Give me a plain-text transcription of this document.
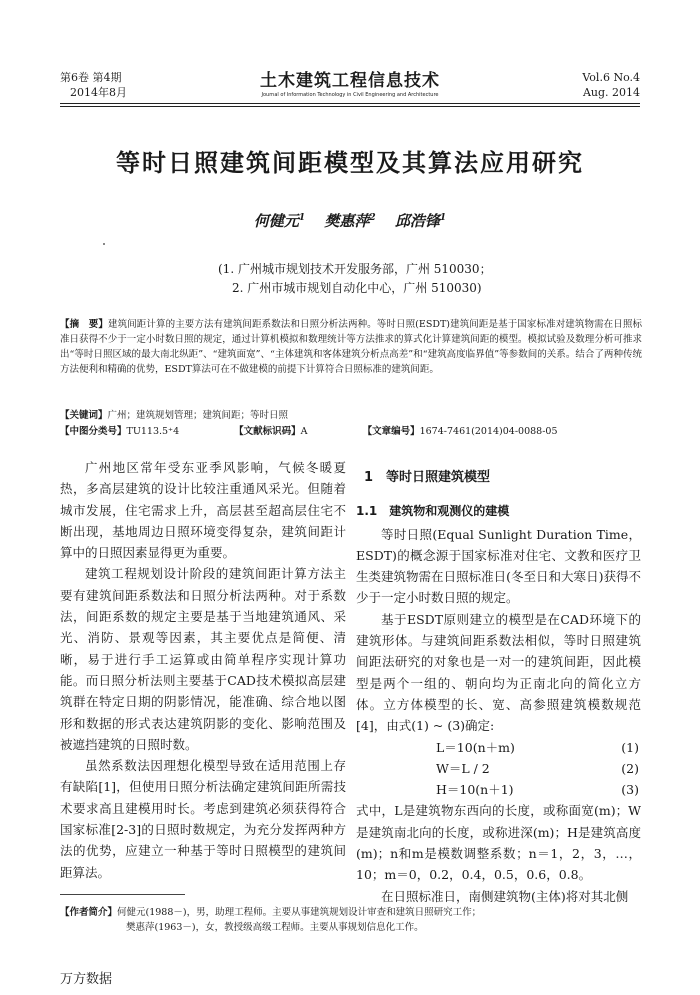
第6卷 第4期
2014年8月
土木建筑工程信息技术
Journal of Information Technology in Civil Engineering and Architecture
Vol.6 No.4
Aug. 2014
等时日照建筑间距模型及其算法应用研究
何健元$^1$ 樊惠萍$^2$ 邱浩锋$^1$
(1. 广州城市规划技术开发服务部，广州 510030；
2. 广州市城市规划自动化中心，广州 510030)
【摘　要】建筑间距计算的主要方法有建筑间距系数法和日照分析法两种。等时日照(ESDT)建筑间距是基于国家标准对建筑物需在日照标准日获得不少于一定小时数日照的规定，通过计算机模拟和数理统计等方法推求的算式化计算建筑间距的模型。模拟试验及数理分析可推求出“等时日照区域的最大南北纵距”、“建筑面宽”、“主体建筑和客体建筑分析点高差”和“建筑高度临界值”等参数间的关系。结合了两种传统方法便利和精确的优势，ESDT算法可在不做建模的前提下计算符合日照标准的建筑间距。
【关键词】广州；建筑规划管理；建筑间距；等时日照
【中图分类号】TU113.5⁺4	【文献标识码】A	【文章编号】1674-7461(2014)04-0088-05

广州地区常年受东亚季风影响，气候冬暖夏热，多高层建筑的设计比较注重通风采光。但随着城市发展，住宅需求上升，高层甚至超高层住宅不断出现，基地周边日照环境变得复杂，建筑间距计算中的日照因素显得更为重要。

建筑工程规划设计阶段的建筑间距计算方法主要有建筑间距系数法和日照分析法两种。对于系数法，间距系数的规定主要是基于当地建筑通风、采光、消防、景观等因素，其主要优点是简便、清晰，易于进行手工运算或由简单程序实现计算功能。而日照分析法则主要基于CAD技术模拟高层建筑群在特定日期的阴影情况，能准确、综合地以图形和数据的形式表达建筑阴影的变化、影响范围及被遮挡建筑的日照时数。

虽然系数法因理想化模型导致在适用范围上存有缺陷[1]，但使用日照分析法确定建筑间距所需技术要求高且建模用时长。考虑到建筑必须获得符合国家标准[2-3]的日照时数规定，为充分发挥两种方法的优势，应建立一种基于等时日照模型的建筑间距算法。

1　等时日照建筑模型
1.1　建筑物和观测仪的建模

等时日照(Equal Sunlight Duration Time，ESDT)的概念源于国家标准对住宅、文教和医疗卫生类建筑物需在日照标准日(冬至日和大寒日)获得不少于一定小时数日照的规定。

基于ESDT原则建立的模型是在CAD环境下的建筑形体。与建筑间距系数法相似，等时日照建筑间距法研究的对象也是一对一的建筑间距，因此模型是两个一组的、朝向均为正南北向的简化立方体。立方体模型的长、宽、高参照建筑模数规范[4]，由式(1) ~ (3)确定:

L＝10(n＋m)	(1)
W＝L / 2	(2)
H＝10(n＋1)	(3)

式中，L是建筑物东西向的长度，或称面宽(m)；W是建筑南北向的长度，或称进深(m)；H是建筑高度(m)；n和m是模数调整系数；n＝1，2，3，…，10；m＝0，0.2，0.4，0.5，0.6，0.8。

在日照标准日，南侧建筑物(主体)将对其北侧

【作者简介】何健元(1988－)，男，助理工程师。主要从事建筑规划设计审查和建筑日照研究工作；
樊惠萍(1963－)，女，教授级高级工程师。主要从事规划信息化工作。
万方数据
